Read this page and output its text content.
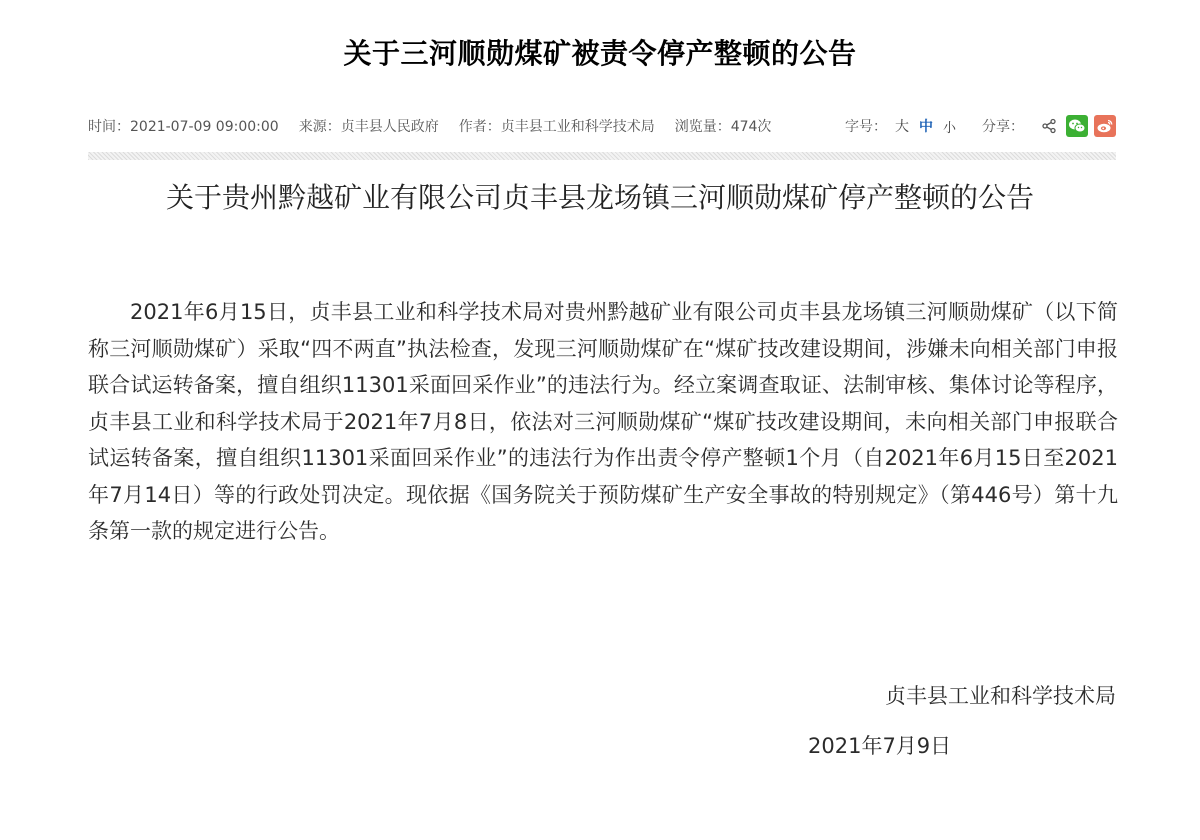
关于三河顺勋煤矿被责令停产整顿的公告
时间：2021-07-09 09:00:00 来源：贞丰县人民政府 作者：贞丰县工业和科学技术局 浏览量：474次	字号： 大 中 小 分享：
关于贵州黔越矿业有限公司贞丰县龙场镇三河顺勋煤矿停产整顿的公告

2021年6月15日，贞丰县工业和科学技术局对贵州黔越矿业有限公司贞丰县龙场镇三河顺勋煤矿（以下简称三河顺勋煤矿）采取“四不两直”执法检查，发现三河顺勋煤矿在“煤矿技改建设期间，涉嫌未向相关部门申报联合试运转备案，擅自组织11301采面回采作业”的违法行为。经立案调查取证、法制审核、集体讨论等程序，贞丰县工业和科学技术局于2021年7月8日，依法对三河顺勋煤矿“煤矿技改建设期间，未向相关部门申报联合试运转备案，擅自组织11301采面回采作业”的违法行为作出责令停产整顿1个月（自2021年6月15日至2021年7月14日）等的行政处罚决定。现依据《国务院关于预防煤矿生产安全事故的特别规定》（第446号）第十九条第一款的规定进行公告。

贞丰县工业和科学技术局
2021年7月9日
